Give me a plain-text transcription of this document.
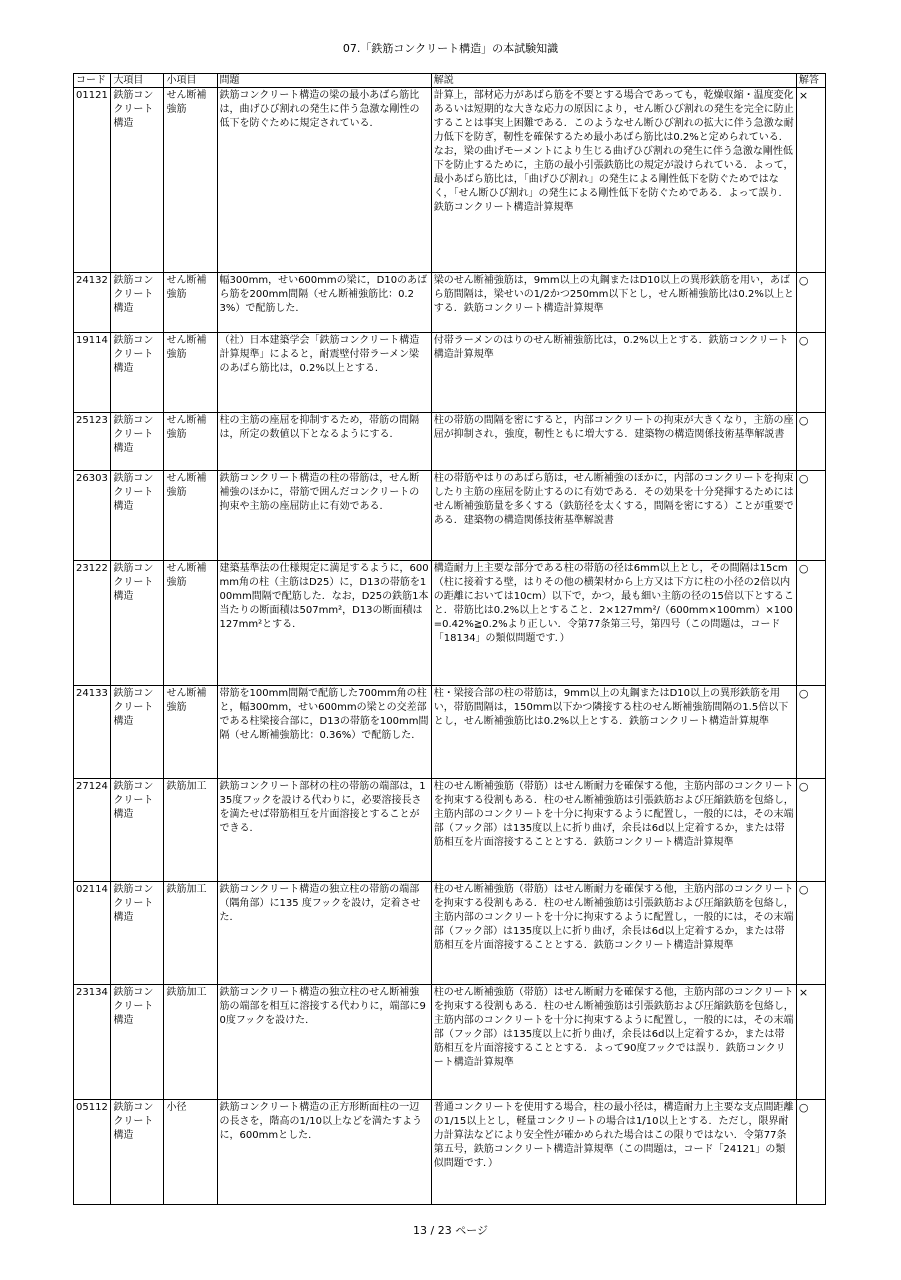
07.「鉄筋コンクリート構造」の本試験知識
コード	大項目	小項目	問題	解説	解答
01121	鉄筋コンクリート構造	せん断補強筋	鉄筋コンクリート構造の梁の最小あばら筋比は，曲げひび割れの発生に伴う急激な剛性の低下を防ぐために規定されている．	計算上，部材応力があばら筋を不要とする場合であっても，乾燥収縮・温度変化あるいは短期的な大きな応力の原因により，せん断ひび割れの発生を完全に防止することは事実上困難である．このようなせん断ひび割れの拡大に伴う急激な耐力低下を防ぎ，靭性を確保するため最小あばら筋比は0.2%と定められている．なお，梁の曲げモーメントにより生じる曲げひび割れの発生に伴う急激な剛性低下を防止するために，主筋の最小引張鉄筋比の規定が設けられている．よって，最小あばら筋比は，「曲げひび割れ」の発生による剛性低下を防ぐためではなく，「せん断ひび割れ」の発生による剛性低下を防ぐためである．よって誤り．鉄筋コンクリート構造計算規準	×
24132	鉄筋コンクリート構造	せん断補強筋	幅300mm，せい600mmの梁に，D10のあばら筋を200mm間隔（せん断補強筋比：0.23%）で配筋した．	梁のせん断補強筋は，9mm以上の丸鋼またはD10以上の異形鉄筋を用い，あばら筋間隔は，梁せいの1/2かつ250mm以下とし，せん断補強筋比は0.2%以上とする．鉄筋コンクリート構造計算規準	○
19114	鉄筋コンクリート構造	せん断補強筋	（社）日本建築学会「鉄筋コンクリート構造計算規準」によると，耐震壁付帯ラーメン梁のあばら筋比は，0.2%以上とする．	付帯ラーメンのはりのせん断補強筋比は，0.2%以上とする．鉄筋コンクリート構造計算規準	○
25123	鉄筋コンクリート構造	せん断補強筋	柱の主筋の座屈を抑制するため，帯筋の間隔は，所定の数値以下となるようにする．	柱の帯筋の間隔を密にすると，内部コンクリートの拘束が大きくなり，主筋の座屈が抑制され，強度，靭性ともに増大する．建築物の構造関係技術基準解説書	○
26303	鉄筋コンクリート構造	せん断補強筋	鉄筋コンクリート構造の柱の帯筋は，せん断補強のほかに，帯筋で囲んだコンクリートの拘束や主筋の座屈防止に有効である．	柱の帯筋やはりのあばら筋は，せん断補強のほかに，内部のコンクリートを拘束したり主筋の座屈を防止するのに有効である．その効果を十分発揮するためにはせん断補強筋量を多くする（鉄筋径を太くする，間隔を密にする）ことが重要である．建築物の構造関係技術基準解説書	○
23122	鉄筋コンクリート構造	せん断補強筋	建築基準法の仕様規定に満足するように，600mm角の柱（主筋はD25）に，D13の帯筋を100mm間隔で配筋した．なお，D25の鉄筋1本当たりの断面積は507mm²，D13の断面積は127mm²とする．	構造耐力上主要な部分である柱の帯筋の径は6mm以上とし，その間隔は15cm（柱に接着する壁，はりその他の横架材から上方又は下方に柱の小径の2倍以内の距離においては10cm）以下で，かつ，最も細い主筋の径の15倍以下とすること．帯筋比は0.2%以上とすること．2×127mm²/（600mm×100mm）×100=0.42%≧0.2%より正しい．令第77条第三号，第四号（この問題は，コード「18134」の類似問題です．）	○
24133	鉄筋コンクリート構造	せん断補強筋	帯筋を100mm間隔で配筋した700mm角の柱と，幅300mm，せい600mmの梁との交差部である柱梁接合部に，D13の帯筋を100mm間隔（せん断補強筋比：0.36%）で配筋した．	柱・梁接合部の柱の帯筋は，9mm以上の丸鋼またはD10以上の異形鉄筋を用い，帯筋間隔は，150mm以下かつ隣接する柱のせん断補強筋間隔の1.5倍以下とし，せん断補強筋比は0.2%以上とする．鉄筋コンクリート構造計算規準	○
27124	鉄筋コンクリート構造	鉄筋加工	鉄筋コンクリート部材の柱の帯筋の端部は，135度フックを設ける代わりに，必要溶接長さを満たせば帯筋相互を片面溶接とすることができる．	柱のせん断補強筋（帯筋）はせん断耐力を確保する他，主筋内部のコンクリートを拘束する役割もある．柱のせん断補強筋は引張鉄筋および圧縮鉄筋を包絡し，主筋内部のコンクリートを十分に拘束するように配置し，一般的には，その末端部（フック部）は135度以上に折り曲げ，余長は6d以上定着するか，または帯筋相互を片面溶接することとする．鉄筋コンクリート構造計算規準	○
02114	鉄筋コンクリート構造	鉄筋加工	鉄筋コンクリート構造の独立柱の帯筋の端部（隅角部）に135 度フックを設け，定着させた．	柱のせん断補強筋（帯筋）はせん断耐力を確保する他，主筋内部のコンクリートを拘束する役割もある．柱のせん断補強筋は引張鉄筋および圧縮鉄筋を包絡し，主筋内部のコンクリートを十分に拘束するように配置し，一般的には，その末端部（フック部）は135度以上に折り曲げ，余長は6d以上定着するか，または帯筋相互を片面溶接することとする．鉄筋コンクリート構造計算規準	○
23134	鉄筋コンクリート構造	鉄筋加工	鉄筋コンクリート構造の独立柱のせん断補強筋の端部を相互に溶接する代わりに，端部に90度フックを設けた．	柱のせん断補強筋（帯筋）はせん断耐力を確保する他，主筋内部のコンクリートを拘束する役割もある．柱のせん断補強筋は引張鉄筋および圧縮鉄筋を包絡し，主筋内部のコンクリートを十分に拘束するように配置し，一般的には，その末端部（フック部）は135度以上に折り曲げ，余長は6d以上定着するか，または帯筋相互を片面溶接することとする．よって90度フックでは誤り．鉄筋コンクリート構造計算規準	×
05112	鉄筋コンクリート構造	小径	鉄筋コンクリート構造の正方形断面柱の一辺の長さを，階高の1/10以上などを満たすように，600mmとした．	普通コンクリートを使用する場合，柱の最小径は，構造耐力上主要な支点間距離の1/15以上とし，軽量コンクリートの場合は1/10以上とする．ただし，限界耐力計算法などにより安全性が確かめられた場合はこの限りではない．令第77条第五号，鉄筋コンクリート構造計算規準（この問題は，コード「24121」の類似問題です．）	○
13 / 23 ページ
